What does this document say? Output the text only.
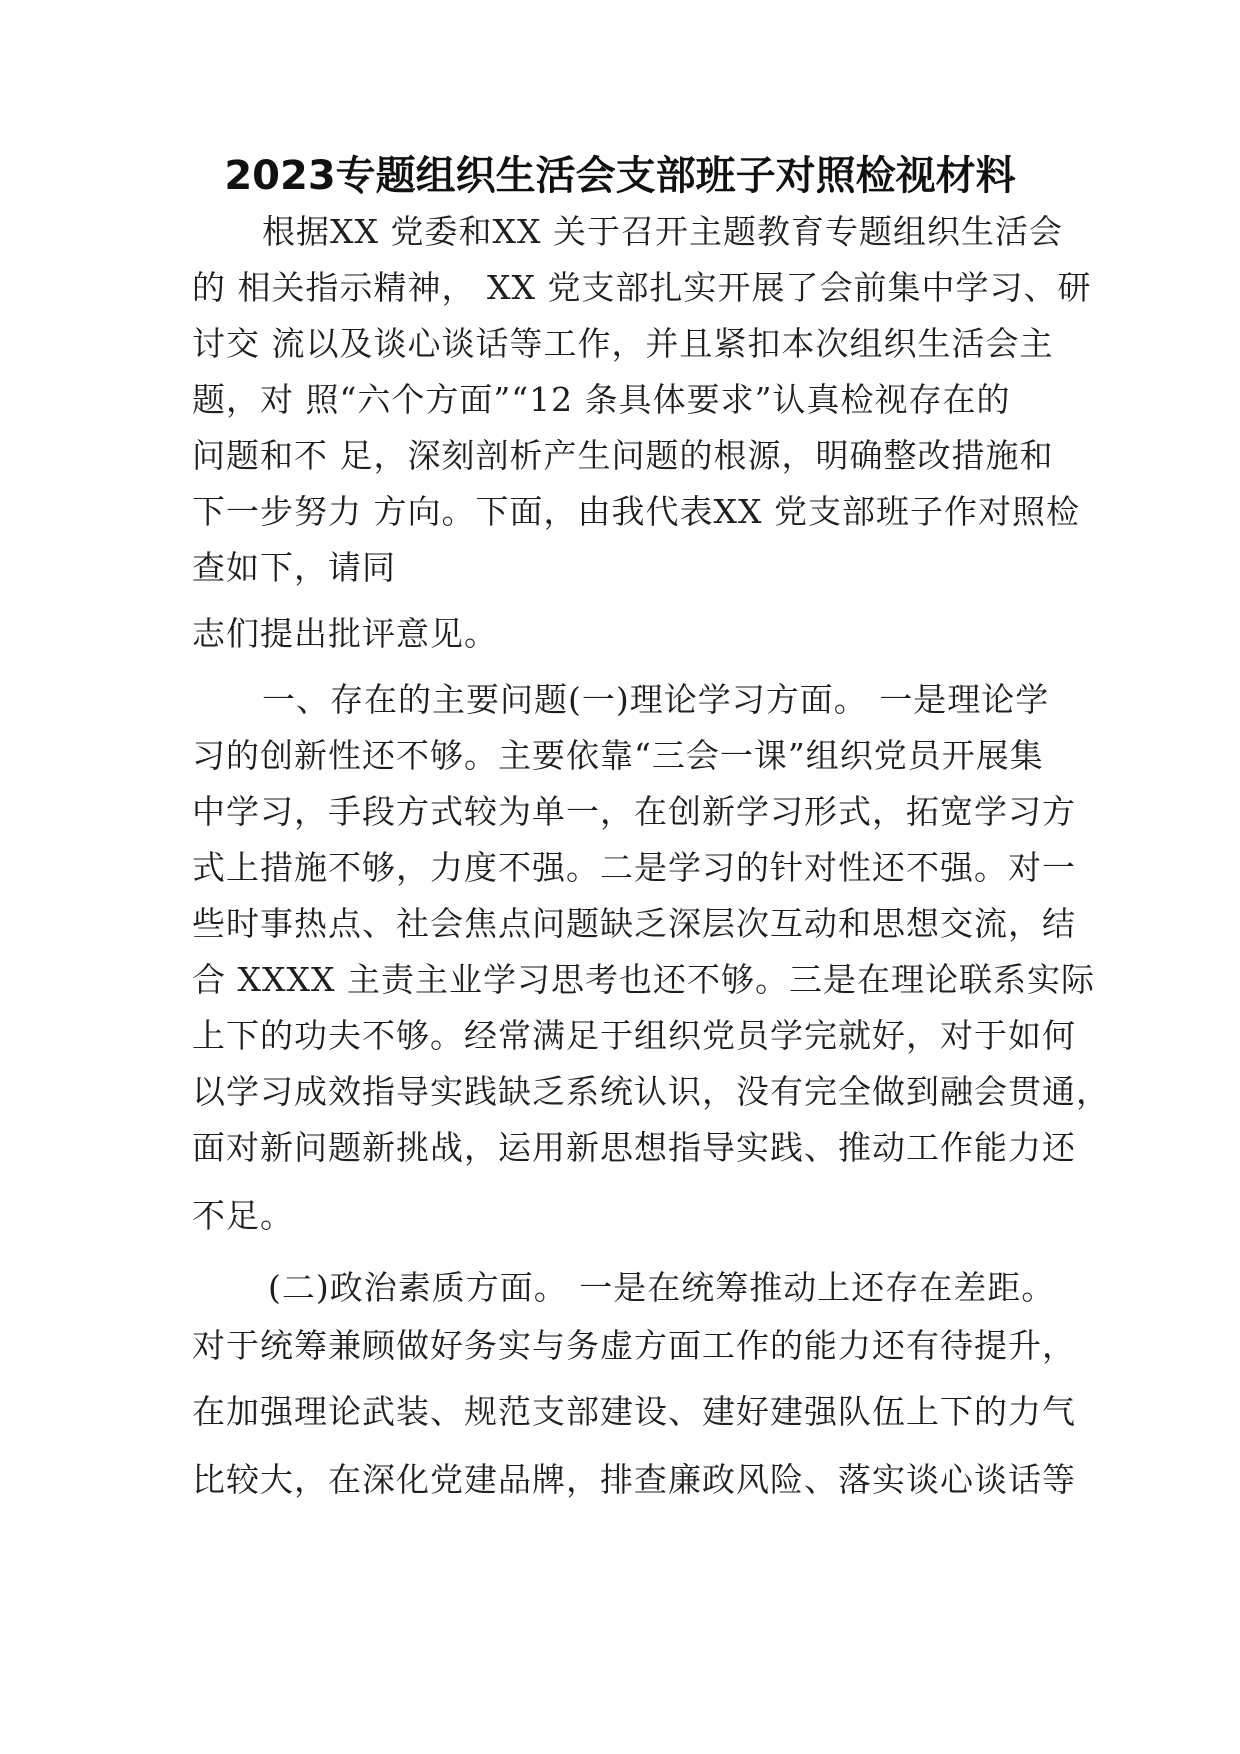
2023专题组织生活会支部班子对照检视材料
根据XX 党委和XX 关于召开主题教育专题组织生活会
的 相关指示精神， XX 党支部扎实开展了会前集中学习、研
讨交 流以及谈心谈话等工作，并且紧扣本次组织生活会主
题，对 照“六个方面”“12 条具体要求”认真检视存在的
问题和不 足，深刻剖析产生问题的根源，明确整改措施和
下一步努力 方向。下面，由我代表XX 党支部班子作对照检
查如下，请同
志们提出批评意见。
一、存在的主要问题(一)理论学习方面。 一是理论学
习的创新性还不够。主要依靠“三会一课”组织党员开展集
中学习，手段方式较为单一，在创新学习形式，拓宽学习方
式上措施不够，力度不强。二是学习的针对性还不强。对一
些时事热点、社会焦点问题缺乏深层次互动和思想交流，结
合 XXXX 主责主业学习思考也还不够。三是在理论联系实际
上下的功夫不够。经常满足于组织党员学完就好，对于如何
以学习成效指导实践缺乏系统认识，没有完全做到融会贯通，
面对新问题新挑战，运用新思想指导实践、推动工作能力还
不足。
(二)政治素质方面。 一是在统筹推动上还存在差距。
对于统筹兼顾做好务实与务虚方面工作的能力还有待提升，
在加强理论武装、规范支部建设、建好建强队伍上下的力气
比较大，在深化党建品牌，排查廉政风险、落实谈心谈话等
